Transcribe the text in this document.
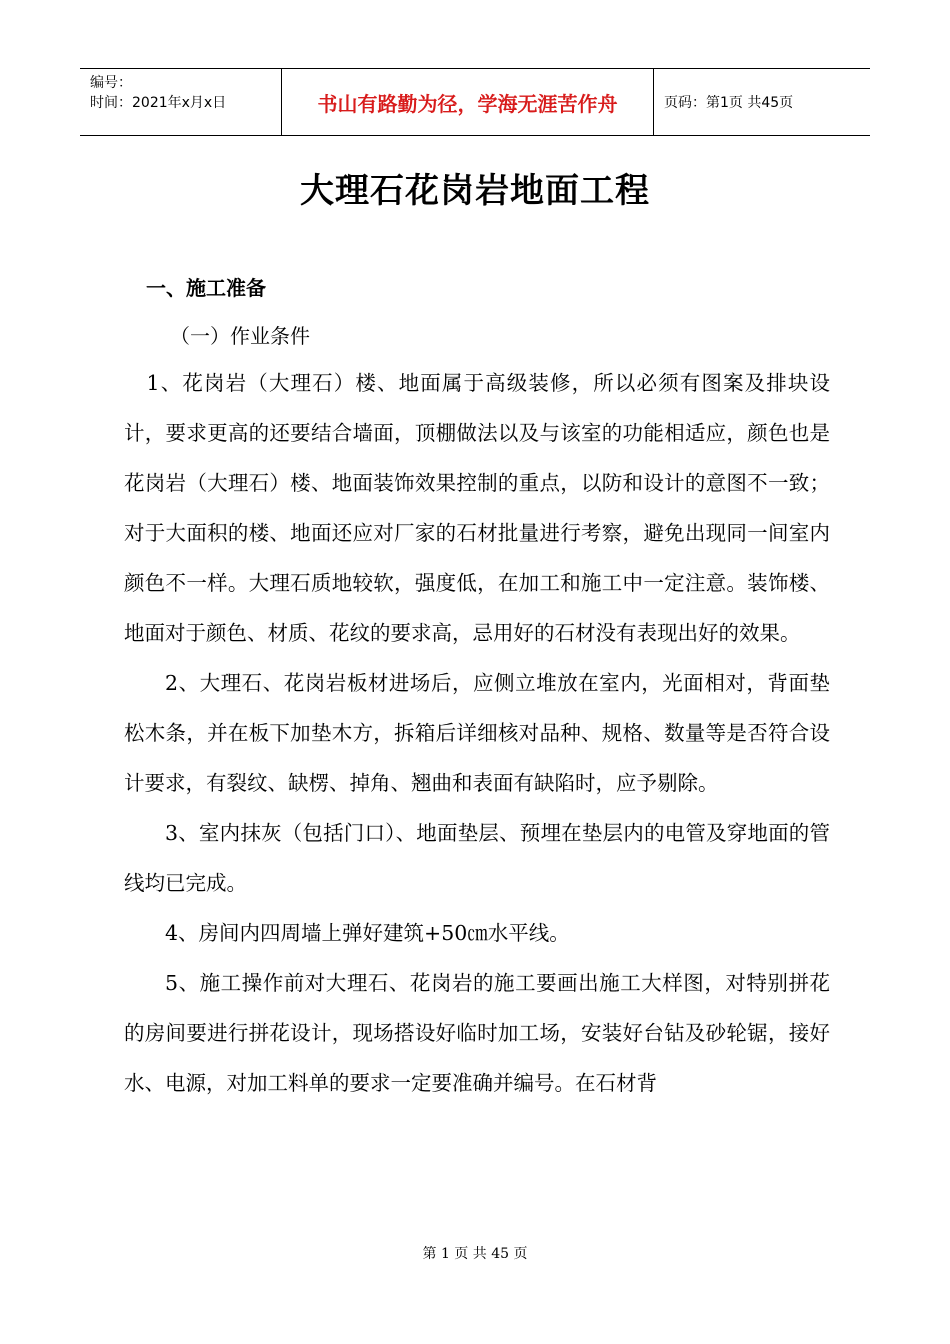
编号：
时间：2021年x月x日	书山有路勤为径，学海无涯苦作舟	页码：第1页 共45页
大理石花岗岩地面工程
一、施工准备
（一）作业条件

1、花岗岩（大理石）楼、地面属于高级装修，所以必须有图案及排块设计，要求更高的还要结合墙面，顶棚做法以及与该室的功能相适应，颜色也是花岗岩（大理石）楼、地面装饰效果控制的重点，以防和设计的意图不一致；对于大面积的楼、地面还应对厂家的石材批量进行考察，避免出现同一间室内颜色不一样。大理石质地较软，强度低，在加工和施工中一定注意。装饰楼、地面对于颜色、材质、花纹的要求高，忌用好的石材没有表现出好的效果。

2、大理石、花岗岩板材进场后，应侧立堆放在室内，光面相对，背面垫松木条，并在板下加垫木方，拆箱后详细核对品种、规格、数量等是否符合设计要求，有裂纹、缺楞、掉角、翘曲和表面有缺陷时，应予剔除。

3、室内抹灰（包括门口）、地面垫层、预埋在垫层内的电管及穿地面的管线均已完成。

4、房间内四周墙上弹好建筑+50㎝水平线。

5、施工操作前对大理石、花岗岩的施工要画出施工大样图，对特别拼花的房间要进行拼花设计，现场搭设好临时加工场，安装好台钻及砂轮锯，接好水、电源，对加工料单的要求一定要准确并编号。在石材背

第 1 页 共 45 页
